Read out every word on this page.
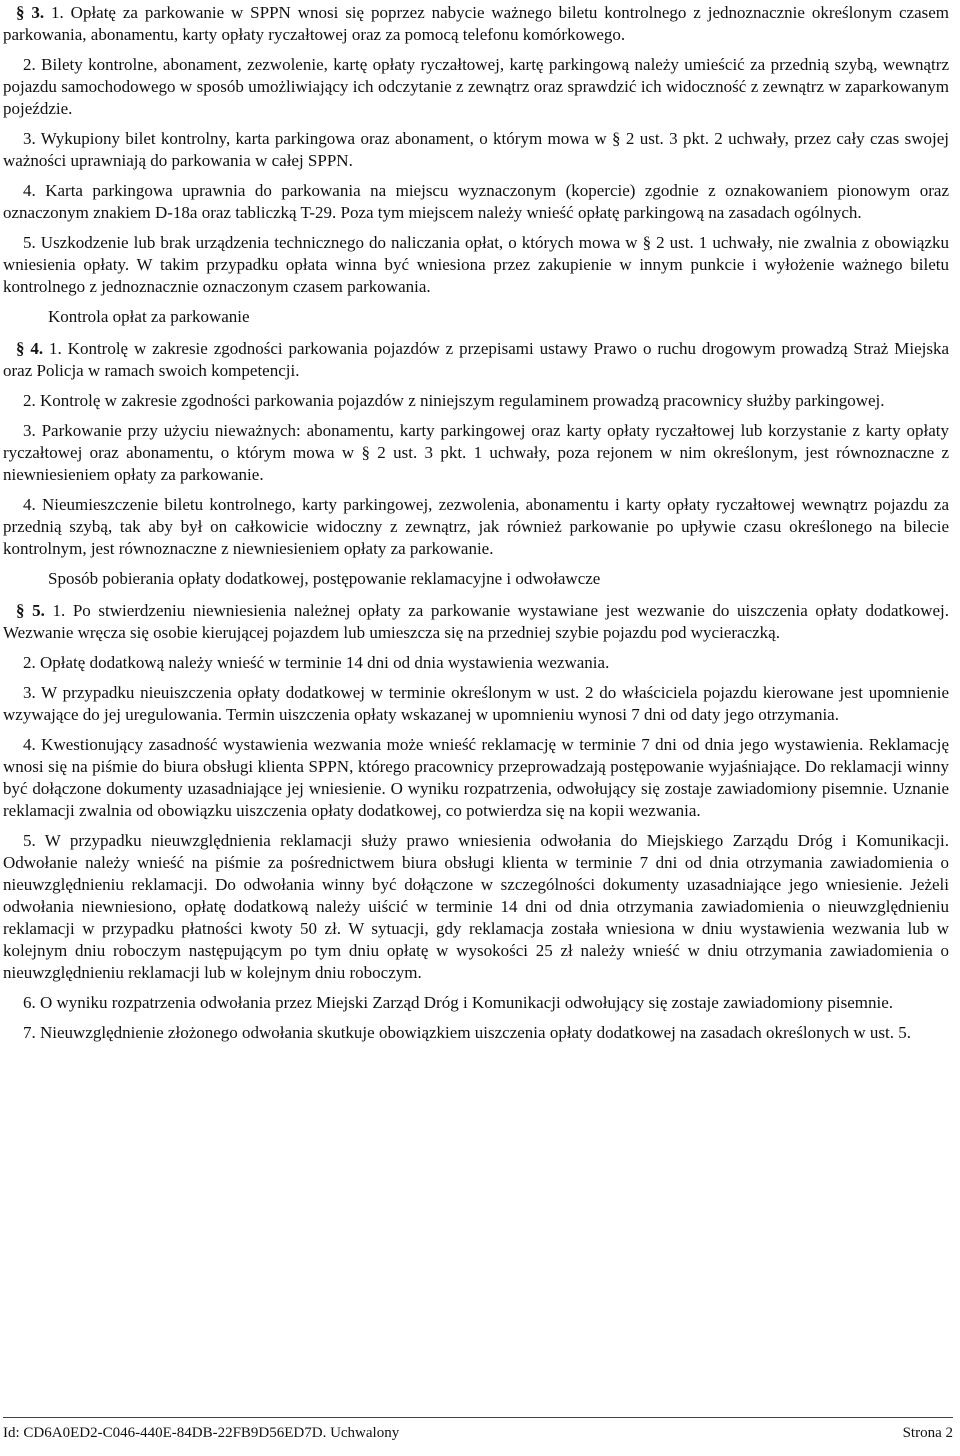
§ 3. 1. Opłatę za parkowanie w SPPN wnosi się poprzez nabycie ważnego biletu kontrolnego z jednoznacznie określonym czasem parkowania, abonamentu, karty opłaty ryczałtowej oraz za pomocą telefonu komórkowego.

2. Bilety kontrolne, abonament, zezwolenie, kartę opłaty ryczałtowej, kartę parkingową należy umieścić za przednią szybą, wewnątrz pojazdu samochodowego w sposób umożliwiający ich odczytanie z zewnątrz oraz sprawdzić ich widoczność z zewnątrz w zaparkowanym pojeździe.

3. Wykupiony bilet kontrolny, karta parkingowa oraz abonament, o którym mowa w § 2 ust. 3 pkt. 2 uchwały, przez cały czas swojej ważności uprawniają do parkowania w całej SPPN.

4. Karta parkingowa uprawnia do parkowania na miejscu wyznaczonym (kopercie) zgodnie z oznakowaniem pionowym oraz oznaczonym znakiem D-18a oraz tabliczką T-29. Poza tym miejscem należy wnieść opłatę parkingową na zasadach ogólnych.

5. Uszkodzenie lub brak urządzenia technicznego do naliczania opłat, o których mowa w § 2 ust. 1 uchwały, nie zwalnia z obowiązku wniesienia opłaty. W takim przypadku opłata winna być wniesiona przez zakupienie w innym punkcie i wyłożenie ważnego biletu kontrolnego z jednoznacznie oznaczonym czasem parkowania.

Kontrola opłat za parkowanie

§ 4. 1. Kontrolę w zakresie zgodności parkowania pojazdów z przepisami ustawy Prawo o ruchu drogowym prowadzą Straż Miejska oraz Policja w ramach swoich kompetencji.

2. Kontrolę w zakresie zgodności parkowania pojazdów z niniejszym regulaminem prowadzą pracownicy służby parkingowej.

3. Parkowanie przy użyciu nieważnych: abonamentu, karty parkingowej oraz karty opłaty ryczałtowej lub korzystanie z karty opłaty ryczałtowej oraz abonamentu, o którym mowa w § 2 ust. 3 pkt. 1 uchwały, poza rejonem w nim określonym, jest równoznaczne z niewniesieniem opłaty za parkowanie.

4. Nieumieszczenie biletu kontrolnego, karty parkingowej, zezwolenia, abonamentu i karty opłaty ryczałtowej wewnątrz pojazdu za przednią szybą, tak aby był on całkowicie widoczny z zewnątrz, jak również parkowanie po upływie czasu określonego na bilecie kontrolnym, jest równoznaczne z niewniesieniem opłaty za parkowanie.

Sposób pobierania opłaty dodatkowej, postępowanie reklamacyjne i odwoławcze

§ 5. 1. Po stwierdzeniu niewniesienia należnej opłaty za parkowanie wystawiane jest wezwanie do uiszczenia opłaty dodatkowej. Wezwanie wręcza się osobie kierującej pojazdem lub umieszcza się na przedniej szybie pojazdu pod wycieraczką.

2. Opłatę dodatkową należy wnieść w terminie 14 dni od dnia wystawienia wezwania.

3. W przypadku nieuiszczenia opłaty dodatkowej w terminie określonym w ust. 2 do właściciela pojazdu kierowane jest upomnienie wzywające do jej uregulowania. Termin uiszczenia opłaty wskazanej w upomnieniu wynosi 7 dni od daty jego otrzymania.

4. Kwestionujący zasadność wystawienia wezwania może wnieść reklamację w terminie 7 dni od dnia jego wystawienia. Reklamację wnosi się na piśmie do biura obsługi klienta SPPN, którego pracownicy przeprowadzają postępowanie wyjaśniające. Do reklamacji winny być dołączone dokumenty uzasadniające jej wniesienie. O wyniku rozpatrzenia, odwołujący się zostaje zawiadomiony pisemnie. Uznanie reklamacji zwalnia od obowiązku uiszczenia opłaty dodatkowej, co potwierdza się na kopii wezwania.

5. W przypadku nieuwzględnienia reklamacji służy prawo wniesienia odwołania do Miejskiego Zarządu Dróg i Komunikacji. Odwołanie należy wnieść na piśmie za pośrednictwem biura obsługi klienta w terminie 7 dni od dnia otrzymania zawiadomienia o nieuwzględnieniu reklamacji. Do odwołania winny być dołączone w szczególności dokumenty uzasadniające jego wniesienie. Jeżeli odwołania niewniesiono, opłatę dodatkową należy uiścić w terminie 14 dni od dnia otrzymania zawiadomienia o nieuwzględnieniu reklamacji w przypadku płatności kwoty 50 zł. W sytuacji, gdy reklamacja została wniesiona w dniu wystawienia wezwania lub w kolejnym dniu roboczym następującym po tym dniu opłatę w wysokości 25 zł należy wnieść w dniu otrzymania zawiadomienia o nieuwzględnieniu reklamacji lub w kolejnym dniu roboczym.

6. O wyniku rozpatrzenia odwołania przez Miejski Zarząd Dróg i Komunikacji odwołujący się zostaje zawiadomiony pisemnie.

7. Nieuwzględnienie złożonego odwołania skutkuje obowiązkiem uiszczenia opłaty dodatkowej na zasadach określonych w ust. 5.

Id: CD6A0ED2-C046-440E-84DB-22FB9D56ED7D. Uchwalony	Strona 2
